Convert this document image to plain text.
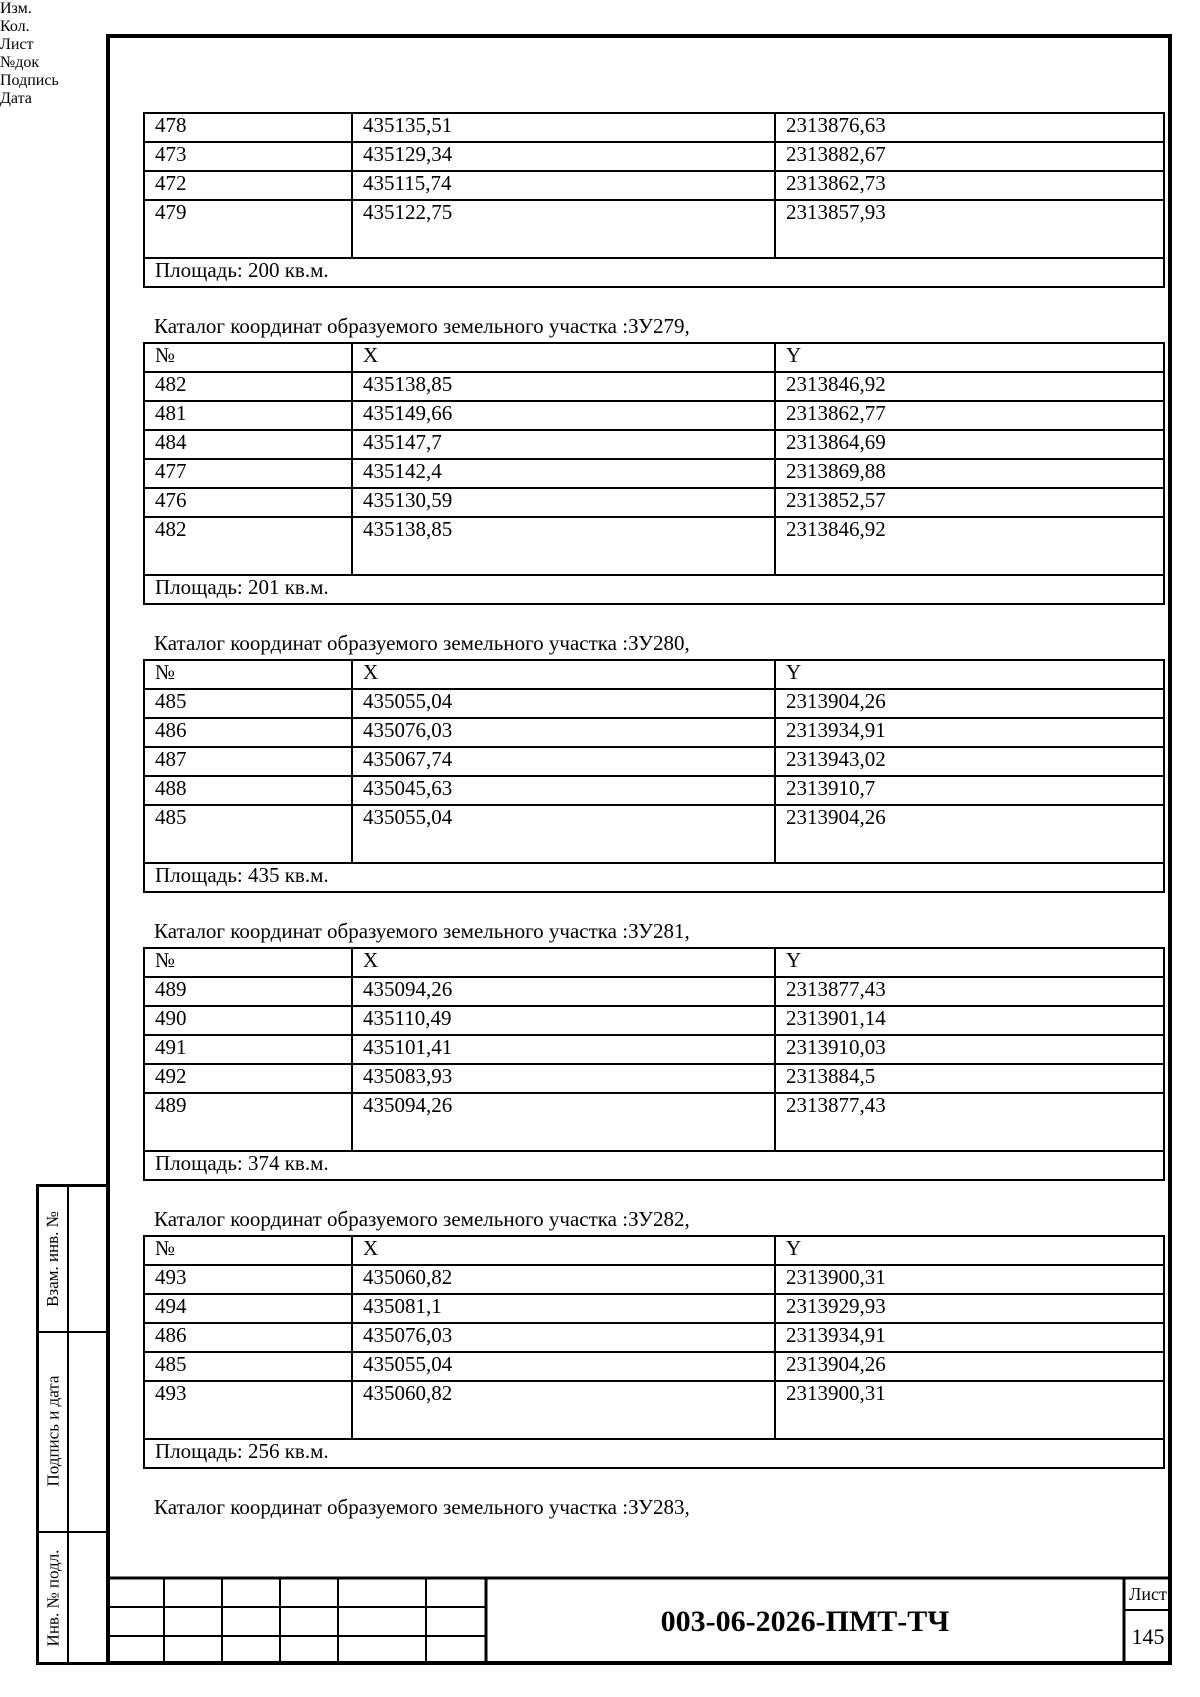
478	435135,51	2313876,63
473	435129,34	2313882,67
472	435115,74	2313862,73
479	435122,75	2313857,93
Площадь: 200 кв.м.		
Каталог координат образуемого земельного участка :ЗУ279,
№	X	Y
482	435138,85	2313846,92
481	435149,66	2313862,77
484	435147,7	2313864,69
477	435142,4	2313869,88
476	435130,59	2313852,57
482	435138,85	2313846,92
Площадь: 201 кв.м.		
Каталог координат образуемого земельного участка :ЗУ280,
№	X	Y
485	435055,04	2313904,26
486	435076,03	2313934,91
487	435067,74	2313943,02
488	435045,63	2313910,7
485	435055,04	2313904,26
Площадь: 435 кв.м.		
Каталог координат образуемого земельного участка :ЗУ281,
№	X	Y
489	435094,26	2313877,43
490	435110,49	2313901,14
491	435101,41	2313910,03
492	435083,93	2313884,5
489	435094,26	2313877,43
Площадь: 374 кв.м.		
Каталог координат образуемого земельного участка :ЗУ282,
№	X	Y
493	435060,82	2313900,31
494	435081,1	2313929,93
486	435076,03	2313934,91
485	435055,04	2313904,26
493	435060,82	2313900,31
Площадь: 256 кв.м.		
Каталог координат образуемого земельного участка :ЗУ283,
Взам. инв. №
Подпись и дата
Инв. № подл.
Изм.
Кол.
Лист
№док
Подпись
Дата
003-06-2026-ПМТ-ТЧ
Лист
145
